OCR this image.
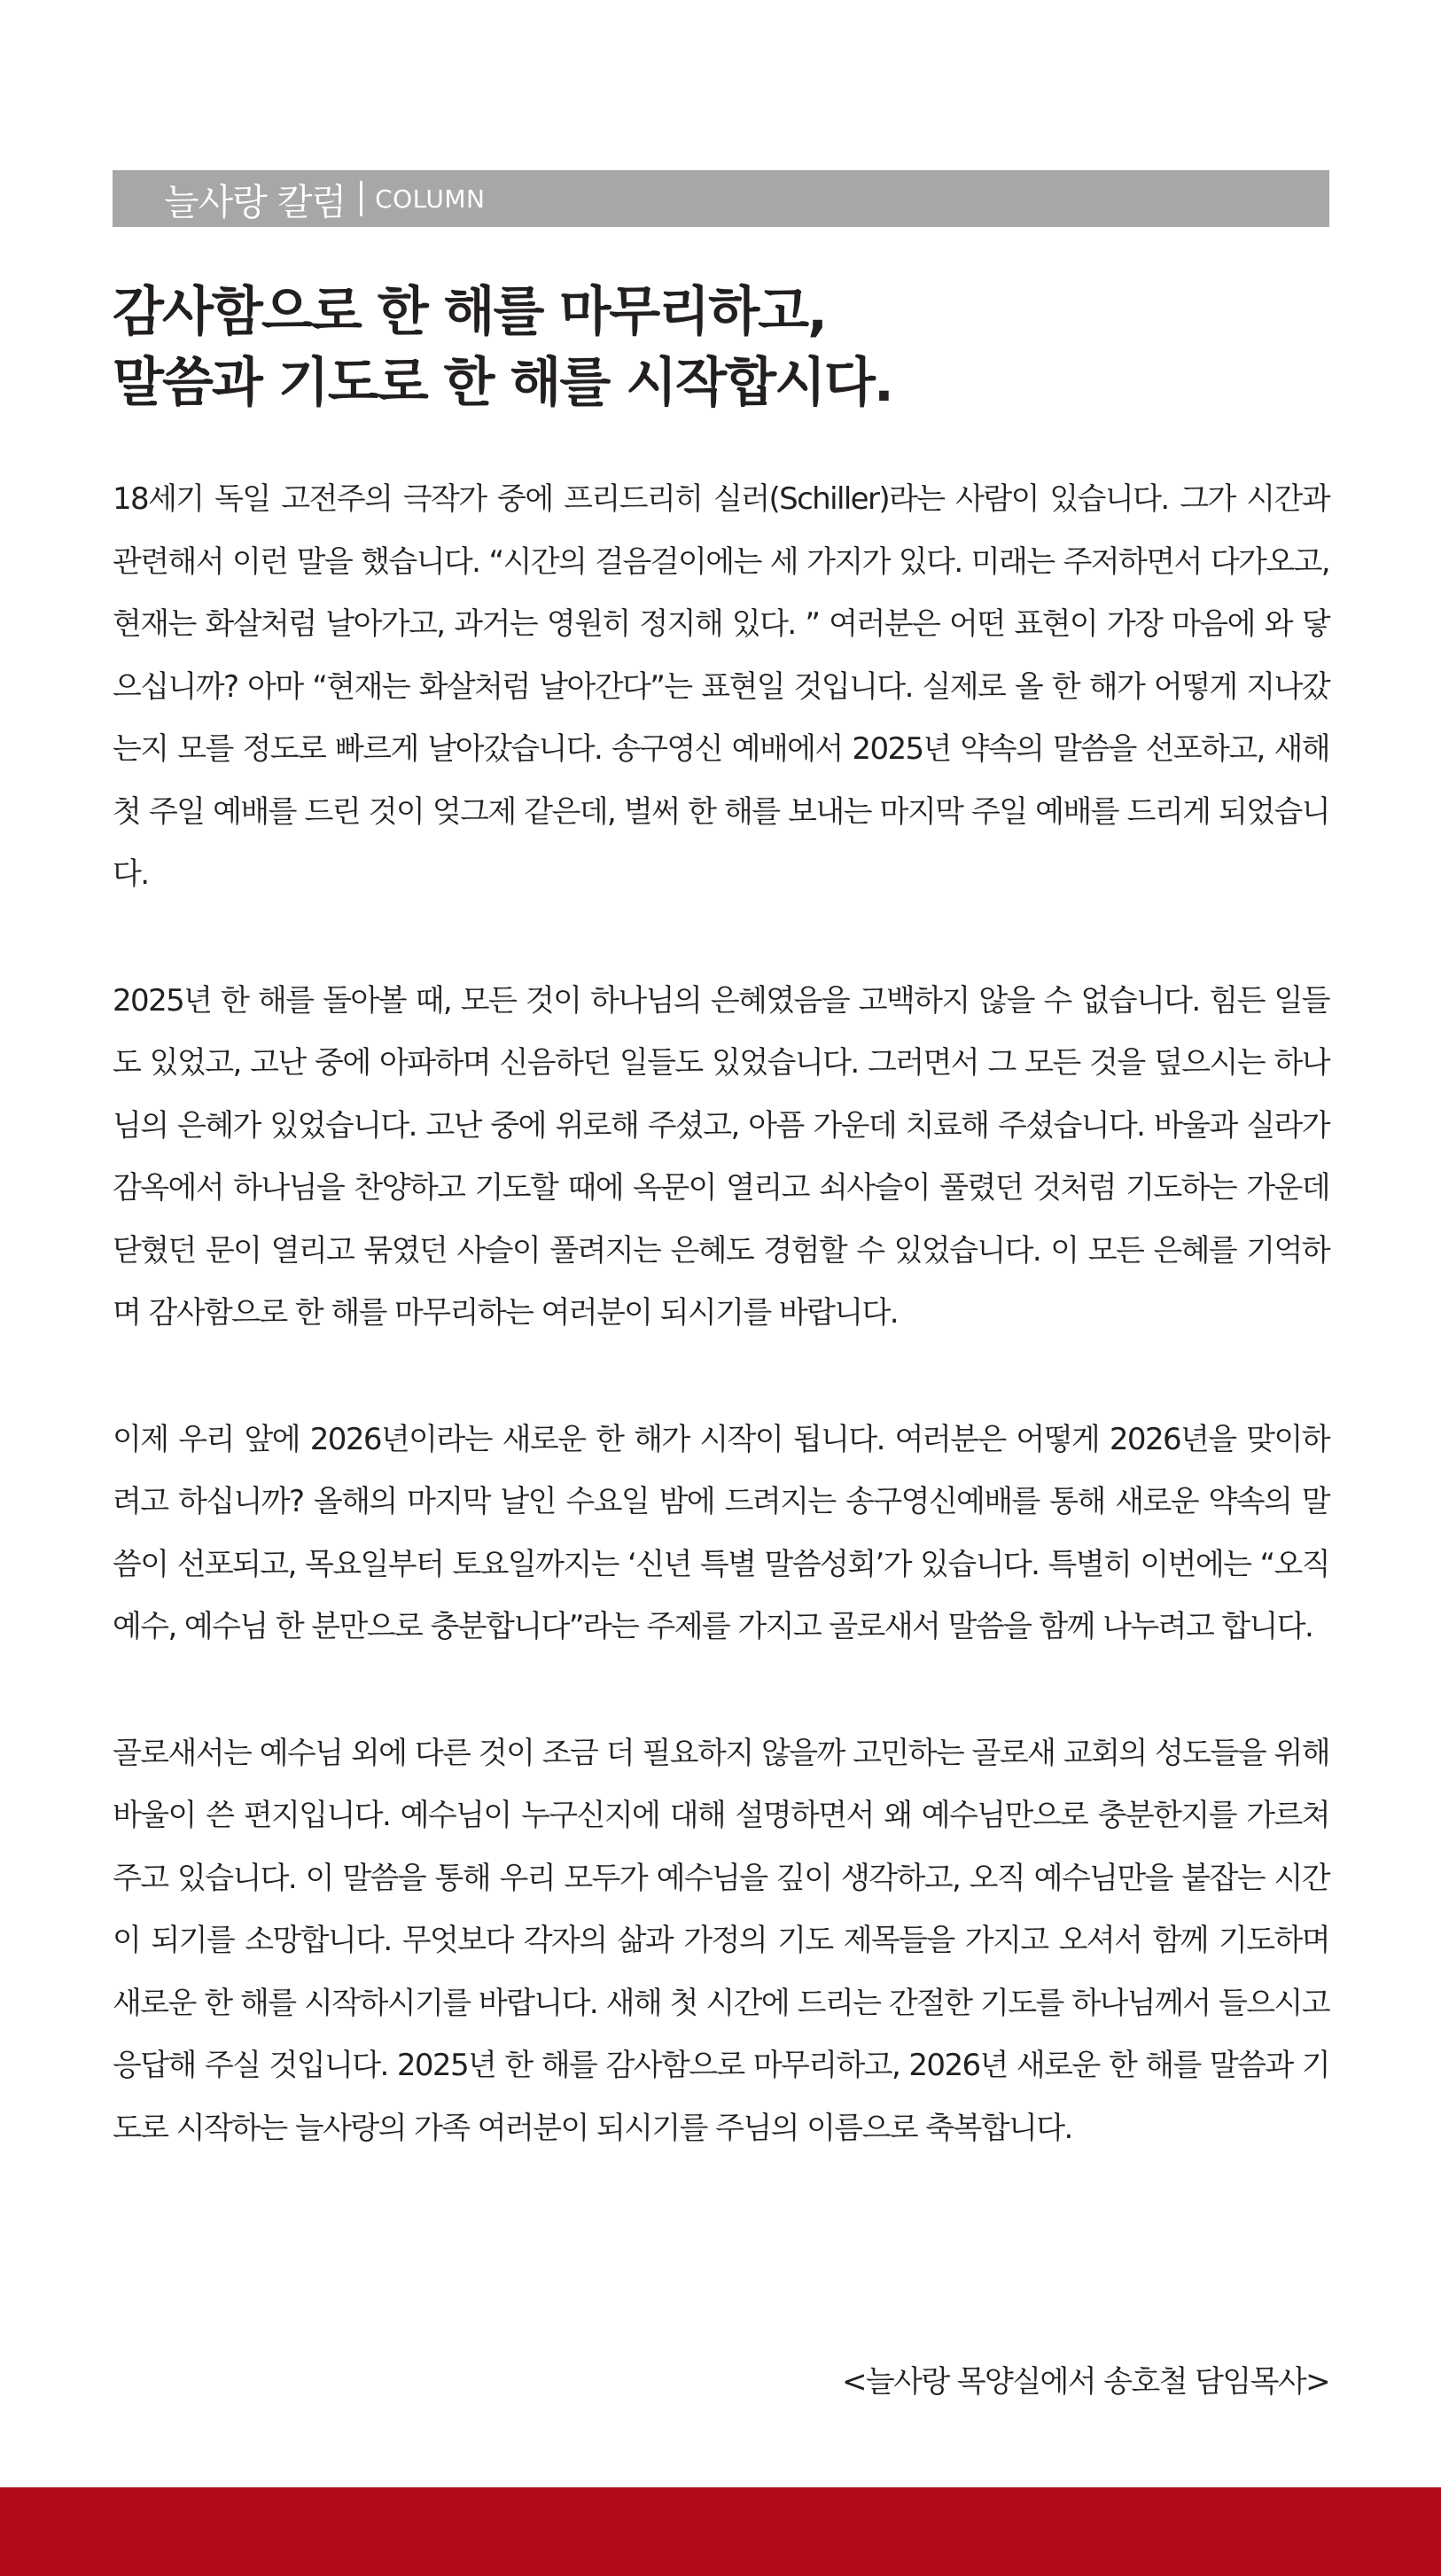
늘사랑 칼럼 COLUMN
감사함으로 한 해를 마무리하고,
말씀과 기도로 한 해를 시작합시다.

18세기 독일 고전주의 극작가 중에 프리드리히 실러(Schiller)라는 사람이 있습니다. 그가 시간과 관련해서 이런 말을 했습니다. “시간의 걸음걸이에는 세 가지가 있다. 미래는 주저하면서 다가오고, 현재는 화살처럼 날아가고, 과거는 영원히 정지해 있다. ” 여러분은 어떤 표현이 가장 마음에 와 닿으십니까? 아마 “현재는 화살처럼 날아간다”는 표현일 것입니다. 실제로 올 한 해가 어떻게 지나갔는지 모를 정도로 빠르게 날아갔습니다. 송구영신 예배에서 2025년 약속의 말씀을 선포하고, 새해 첫 주일 예배를 드린 것이 엊그제 같은데, 벌써 한 해를 보내는 마지막 주일 예배를 드리게 되었습니다.

2025년 한 해를 돌아볼 때, 모든 것이 하나님의 은혜였음을 고백하지 않을 수 없습니다. 힘든 일들도 있었고, 고난 중에 아파하며 신음하던 일들도 있었습니다. 그러면서 그 모든 것을 덮으시는 하나님의 은혜가 있었습니다. 고난 중에 위로해 주셨고, 아픔 가운데 치료해 주셨습니다. 바울과 실라가 감옥에서 하나님을 찬양하고 기도할 때에 옥문이 열리고 쇠사슬이 풀렸던 것처럼 기도하는 가운데 닫혔던 문이 열리고 묶였던 사슬이 풀려지는 은혜도 경험할 수 있었습니다. 이 모든 은혜를 기억하며 감사함으로 한 해를 마무리하는 여러분이 되시기를 바랍니다.

이제 우리 앞에 2026년이라는 새로운 한 해가 시작이 됩니다. 여러분은 어떻게 2026년을 맞이하려고 하십니까? 올해의 마지막 날인 수요일 밤에 드려지는 송구영신예배를 통해 새로운 약속의 말씀이 선포되고, 목요일부터 토요일까지는 ‘신년 특별 말씀성회’가 있습니다. 특별히 이번에는 “오직 예수, 예수님 한 분만으로 충분합니다”라는 주제를 가지고 골로새서 말씀을 함께 나누려고 합니다.

골로새서는 예수님 외에 다른 것이 조금 더 필요하지 않을까 고민하는 골로새 교회의 성도들을 위해 바울이 쓴 편지입니다. 예수님이 누구신지에 대해 설명하면서 왜 예수님만으로 충분한지를 가르쳐 주고 있습니다. 이 말씀을 통해 우리 모두가 예수님을 깊이 생각하고, 오직 예수님만을 붙잡는 시간이 되기를 소망합니다. 무엇보다 각자의 삶과 가정의 기도 제목들을 가지고 오셔서 함께 기도하며 새로운 한 해를 시작하시기를 바랍니다. 새해 첫 시간에 드리는 간절한 기도를 하나님께서 들으시고 응답해 주실 것입니다. 2025년 한 해를 감사함으로 마무리하고, 2026년 새로운 한 해를 말씀과 기도로 시작하는 늘사랑의 가족 여러분이 되시기를 주님의 이름으로 축복합니다.

<늘사랑 목양실에서 송호철 담임목사>
